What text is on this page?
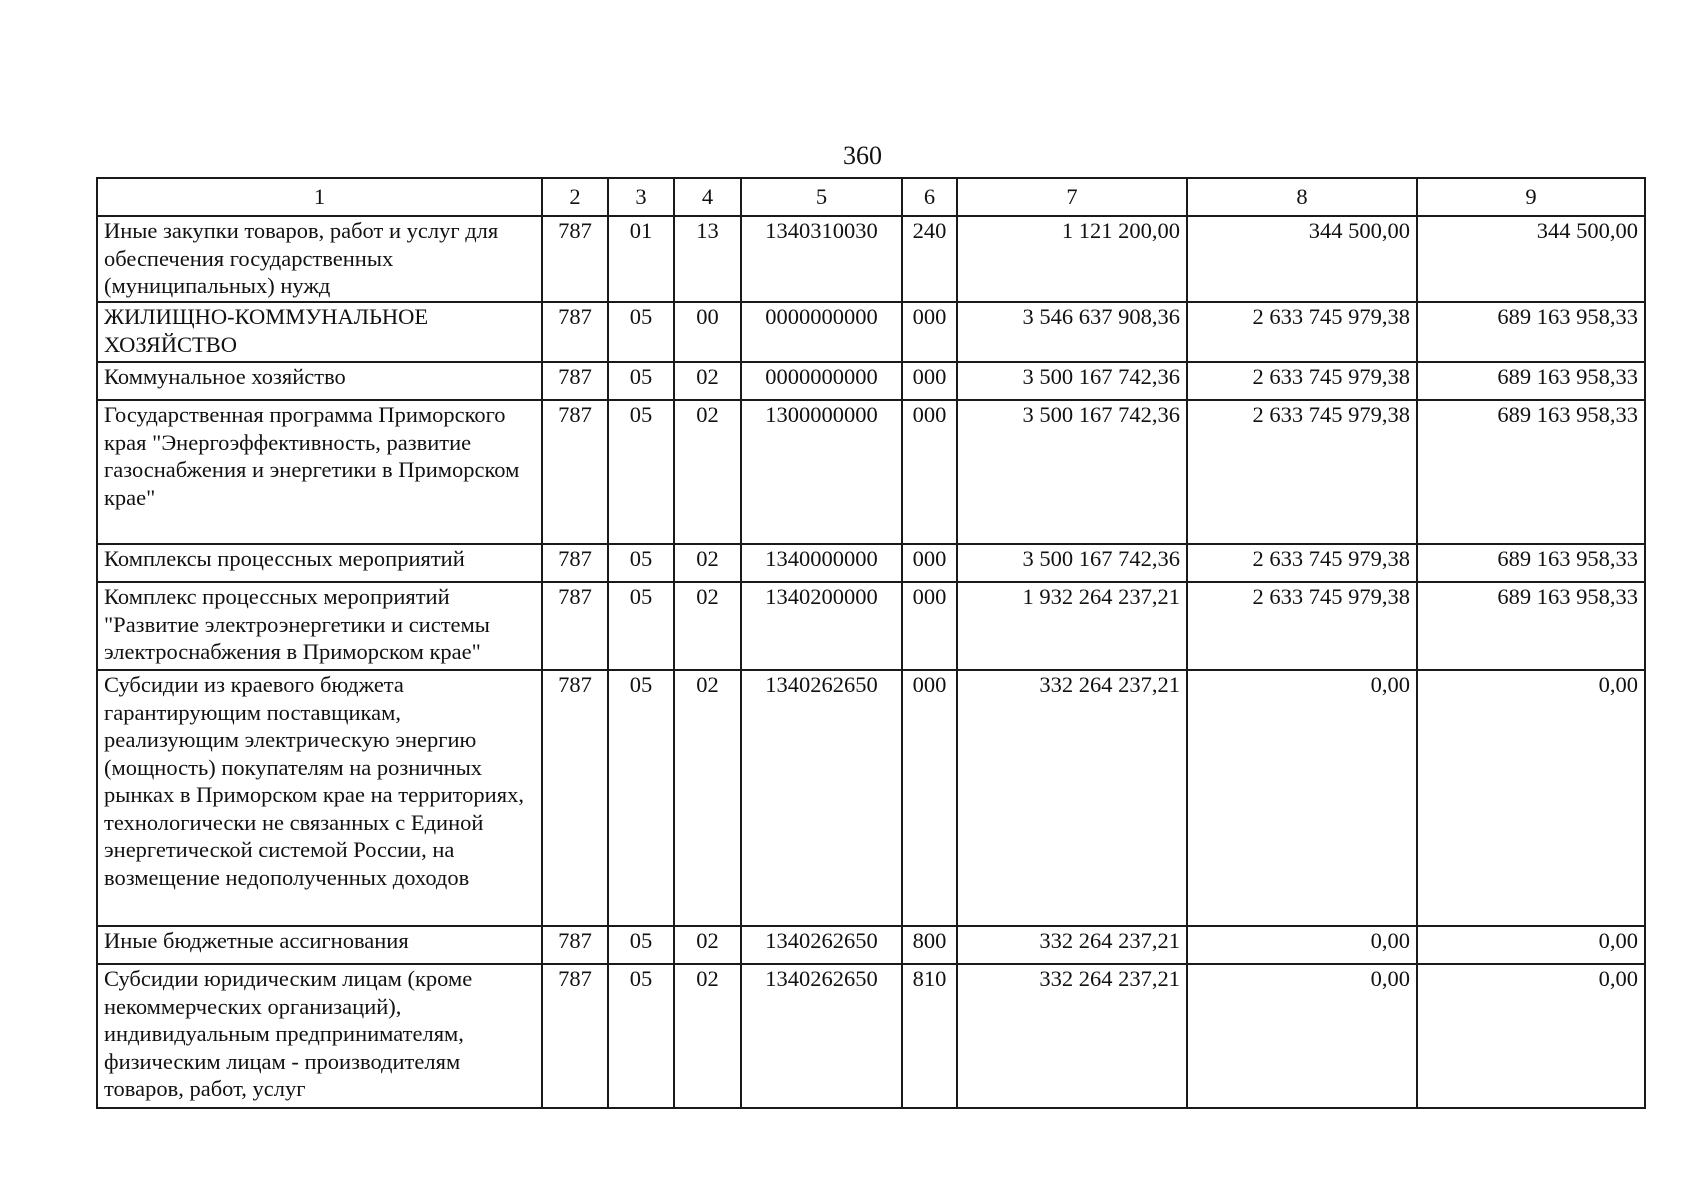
360
1	2	3	4	5	6	7	8	9
Иные закупки товаров, работ и услуг для обеспечения государственных (муниципальных) нужд	787	01	13	1340310030	240	1 121 200,00	344 500,00	344 500,00
ЖИЛИЩНО-КОММУНАЛЬНОЕ ХОЗЯЙСТВО	787	05	00	0000000000	000	3 546 637 908,36	2 633 745 979,38	689 163 958,33
Коммунальное хозяйство	787	05	02	0000000000	000	3 500 167 742,36	2 633 745 979,38	689 163 958,33
Государственная программа Приморского края "Энергоэффективность, развитие газоснабжения и энергетики в Приморском крае"	787	05	02	1300000000	000	3 500 167 742,36	2 633 745 979,38	689 163 958,33
Комплексы процессных мероприятий	787	05	02	1340000000	000	3 500 167 742,36	2 633 745 979,38	689 163 958,33
Комплекс процессных мероприятий "Развитие электроэнергетики и системы электроснабжения в Приморском крае"	787	05	02	1340200000	000	1 932 264 237,21	2 633 745 979,38	689 163 958,33
Субсидии из краевого бюджета гарантирующим поставщикам, реализующим электрическую энергию (мощность) покупателям на розничных рынках в Приморском крае на территориях, технологически не связанных с Единой энергетической системой России, на возмещение недополученных доходов	787	05	02	1340262650	000	332 264 237,21	0,00	0,00
Иные бюджетные ассигнования	787	05	02	1340262650	800	332 264 237,21	0,00	0,00
Субсидии юридическим лицам (кроме некоммерческих организаций), индивидуальным предпринимателям, физическим лицам - производителям товаров, работ, услуг	787	05	02	1340262650	810	332 264 237,21	0,00	0,00
